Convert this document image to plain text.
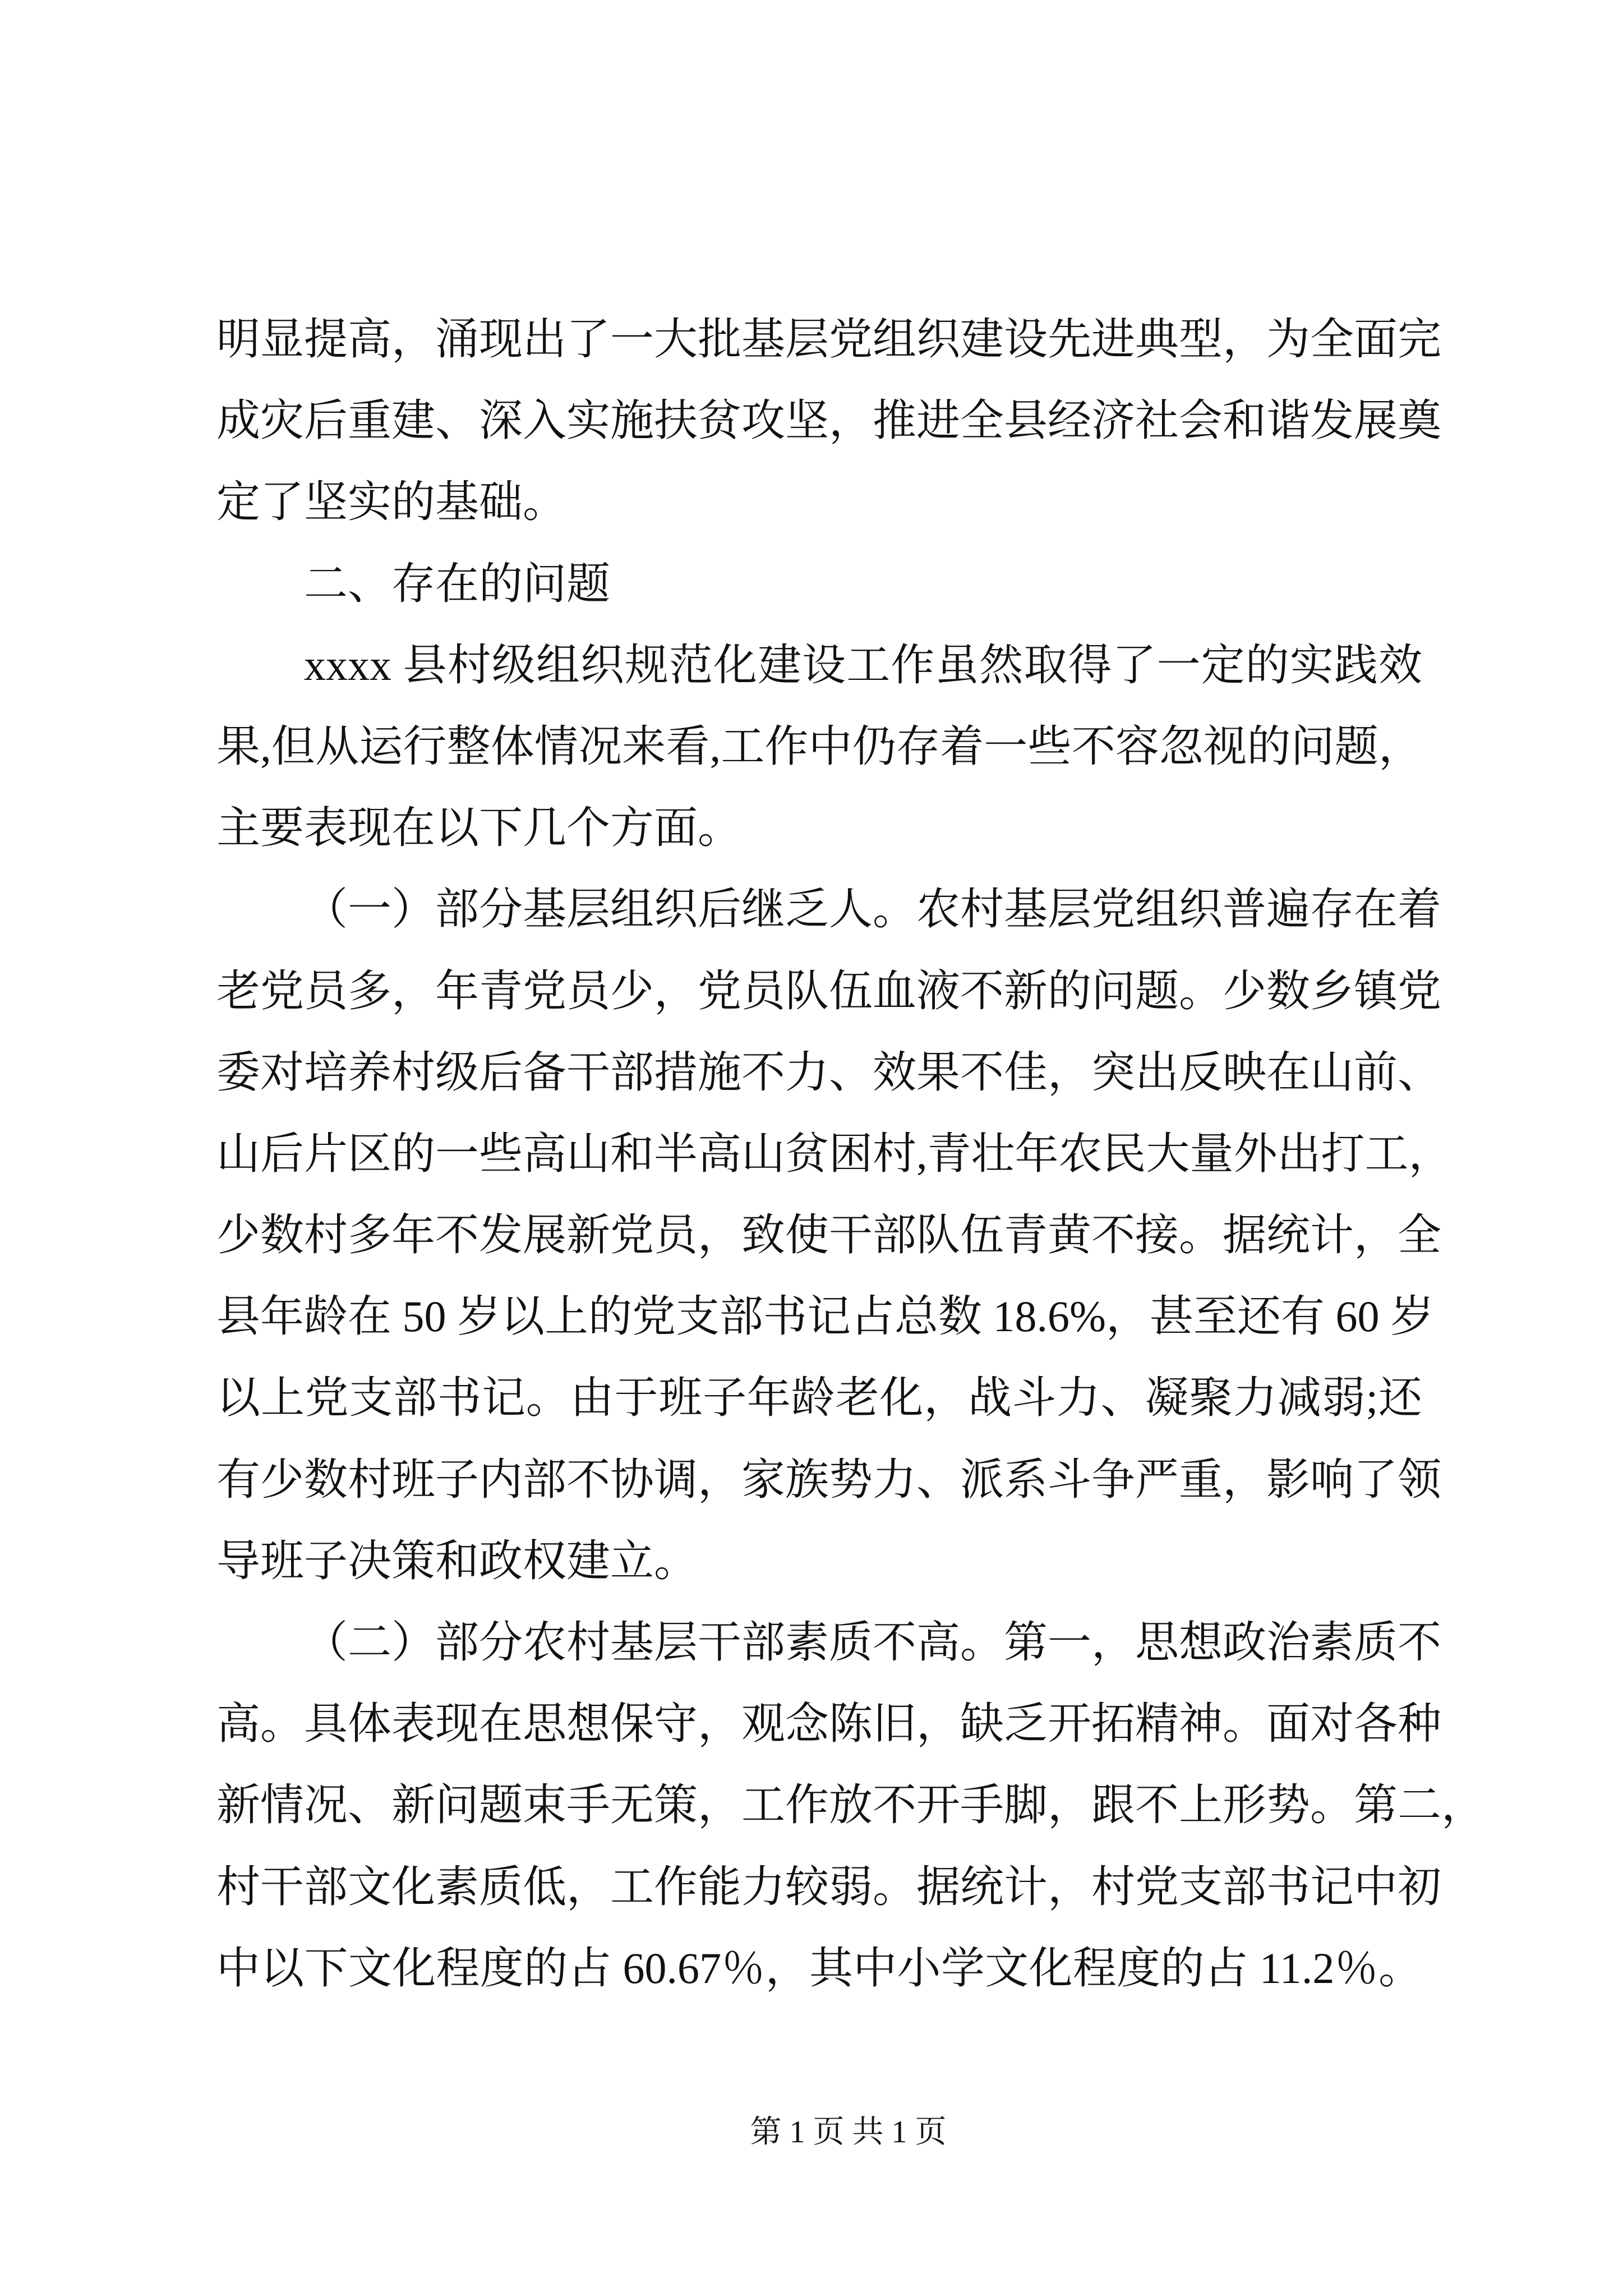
明显提高，涌现出了一大批基层党组织建设先进典型，为全面完
成灾后重建、深入实施扶贫攻坚，推进全县经济社会和谐发展奠
定了坚实的基础。
二、存在的问题
xxxx 县村级组织规范化建设工作虽然取得了一定的实践效
果,但从运行整体情况来看,工作中仍存着一些不容忽视的问题，
主要表现在以下几个方面。
（一）部分基层组织后继乏人。农村基层党组织普遍存在着
老党员多，年青党员少，党员队伍血液不新的问题。少数乡镇党
委对培养村级后备干部措施不力、效果不佳，突出反映在山前、
山后片区的一些高山和半高山贫困村,青壮年农民大量外出打工，
少数村多年不发展新党员，致使干部队伍青黄不接。据统计，全
县年龄在 50 岁以上的党支部书记占总数 18.6%，甚至还有 60 岁
以上党支部书记。由于班子年龄老化，战斗力、凝聚力减弱;还
有少数村班子内部不协调，家族势力、派系斗争严重，影响了领
导班子决策和政权建立。
（二）部分农村基层干部素质不高。第一，思想政治素质不
高。具体表现在思想保守，观念陈旧，缺乏开拓精神。面对各种
新情况、新问题束手无策，工作放不开手脚，跟不上形势。第二，
村干部文化素质低，工作能力较弱。据统计，村党支部书记中初
中以下文化程度的占 60.67％，其中小学文化程度的占 11.2％。
第 1 页 共 1 页
